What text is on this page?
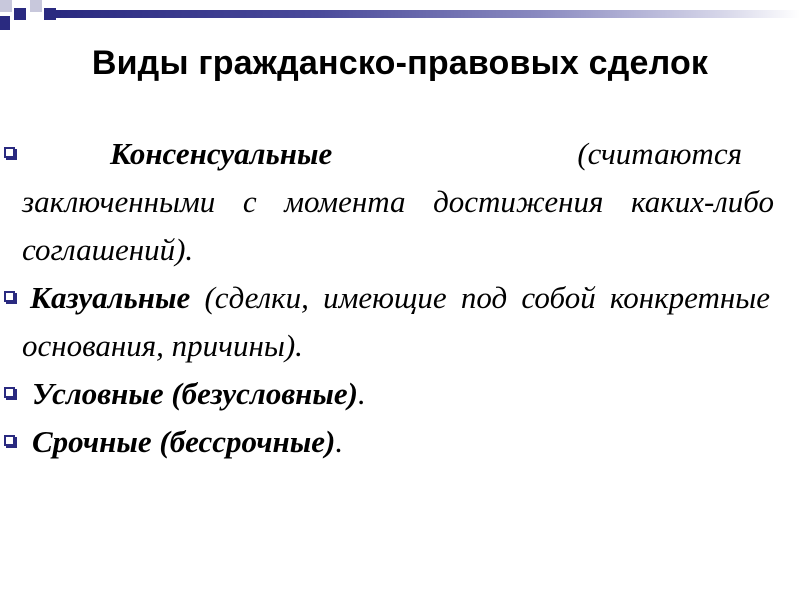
Виды гражданско-правовых сделок
Консенсуальные	(считаются
заключенными с момента достижения каких-либо соглашений).
Казуальные (сделки, имеющие под собой конкретные основания, причины).
Условные (безусловные).
Срочные (бессрочные).
